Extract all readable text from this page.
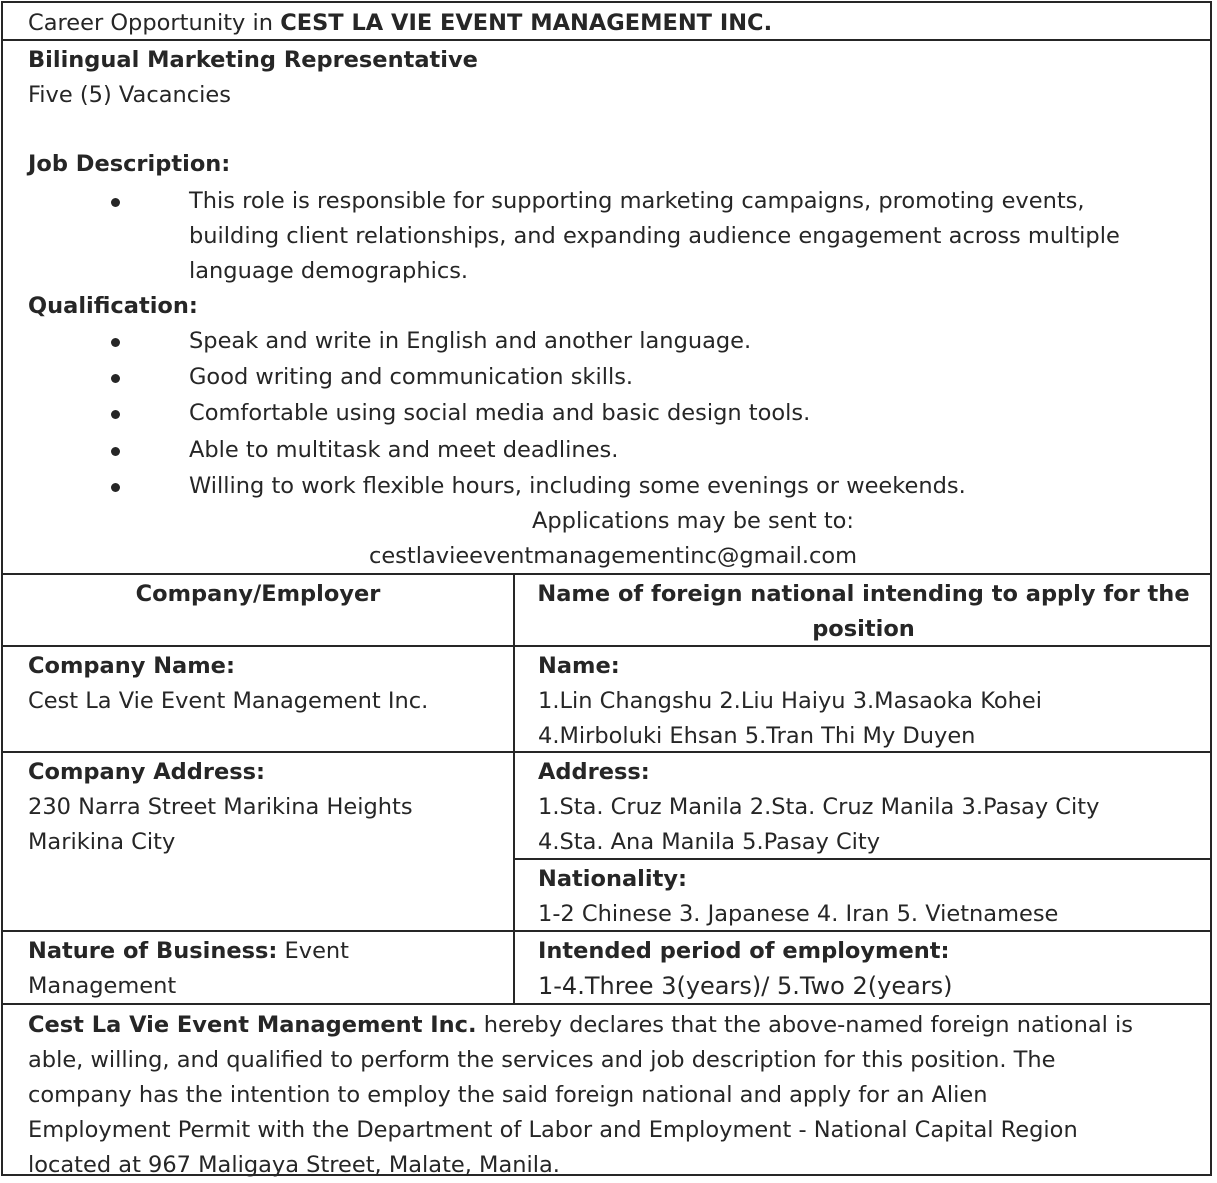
Career Opportunity in CEST LA VIE EVENT MANAGEMENT INC.
Bilingual Marketing Representative
Five (5) Vacancies
Job Description:
This role is responsible for supporting marketing campaigns, promoting events,
building client relationships, and expanding audience engagement across multiple
language demographics.
Qualification:
Speak and write in English and another language.
Good writing and communication skills.
Comfortable using social media and basic design tools.
Able to multitask and meet deadlines.
Willing to work flexible hours, including some evenings or weekends.
Applications may be sent to:
cestlavieeventmanagementinc@gmail.com
Company/Employer	Name of foreign national intending to apply for the
position
Company Name:
Cest La Vie Event Management Inc.
Name:
1.Lin Changshu 2.Liu Haiyu 3.Masaoka Kohei
4.Mirboluki Ehsan 5.Tran Thi My Duyen
Company Address:
230 Narra Street Marikina Heights
Marikina City
Address:
1.Sta. Cruz Manila 2.Sta. Cruz Manila 3.Pasay City
4.Sta. Ana Manila 5.Pasay City
Nationality:
1-2 Chinese 3. Japanese 4. Iran 5. Vietnamese
Nature of Business: Event
Management
Intended period of employment:
1-4.Three 3(years)/ 5.Two 2(years)
Cest La Vie Event Management Inc. hereby declares that the above-named foreign national is
able, willing, and qualified to perform the services and job description for this position. The
company has the intention to employ the said foreign national and apply for an Alien
Employment Permit with the Department of Labor and Employment - National Capital Region
located at 967 Maligaya Street, Malate, Manila.
